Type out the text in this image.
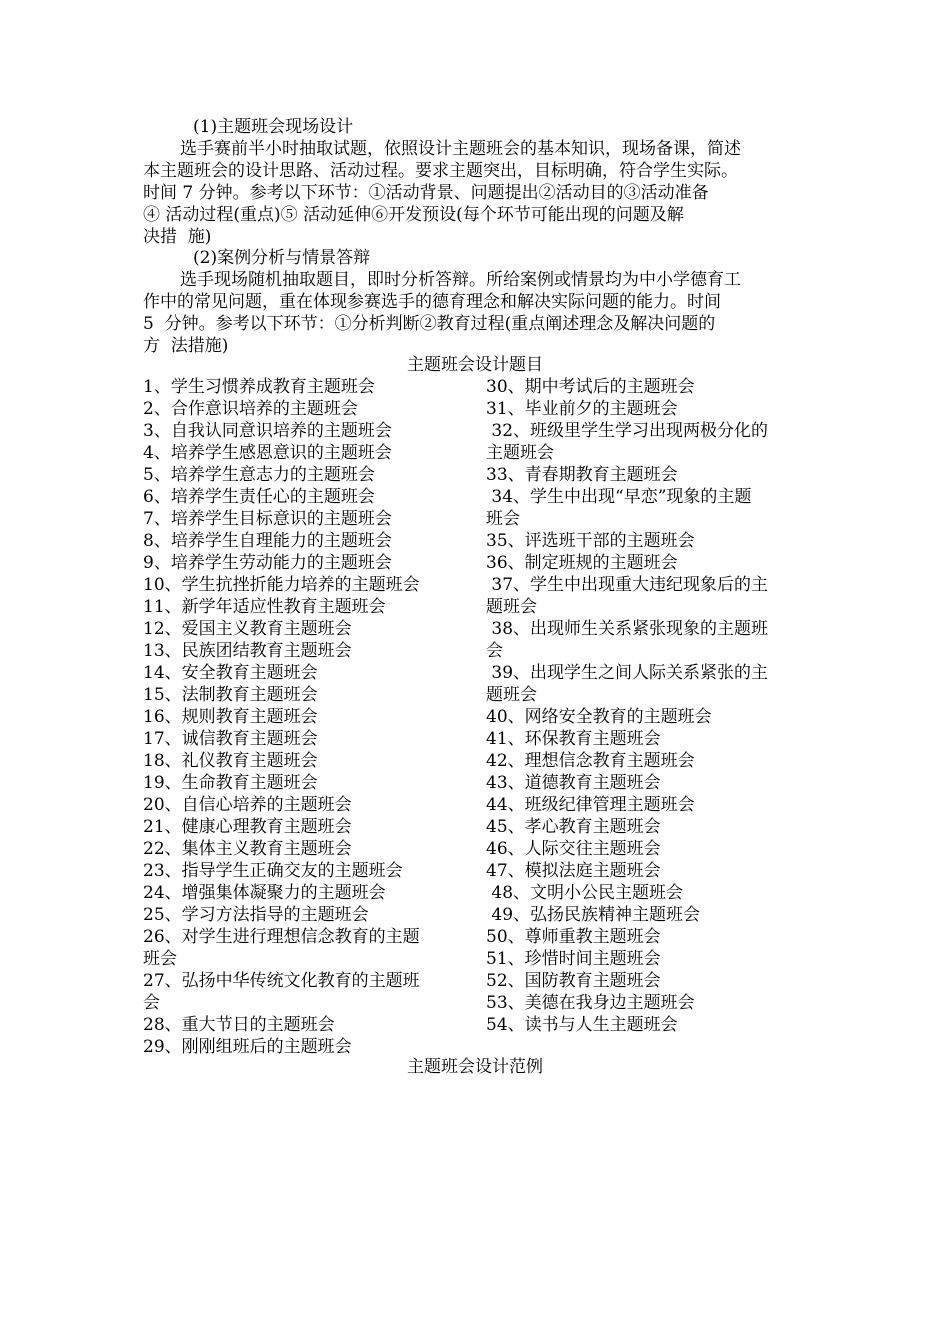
(1)主题班会现场设计
选手赛前半小时抽取试题，依照设计主题班会的基本知识，现场备课，简述
本主题班会的设计思路、活动过程。要求主题突出，目标明确，符合学生实际。
时间 7 分钟。参考以下环节：①活动背景、问题提出②活动目的③活动准备
④ 活动过程(重点)⑤ 活动延伸⑥开发预设(每个环节可能出现的问题及解
决措  施)
(2)案例分析与情景答辩
选手现场随机抽取题目，即时分析答辩。所给案例或情景均为中小学德育工
作中的常见问题，重在体现参赛选手的德育理念和解决实际问题的能力。时间
5  分钟。参考以下环节：①分析判断②教育过程(重点阐述理念及解决问题的
方  法措施)
主题班会设计题目
1、学生习惯养成教育主题班会
2、合作意识培养的主题班会
3、自我认同意识培养的主题班会
4、培养学生感恩意识的主题班会
5、培养学生意志力的主题班会
6、培养学生责任心的主题班会
7、培养学生目标意识的主题班会
8、培养学生自理能力的主题班会
9、培养学生劳动能力的主题班会
10、学生抗挫折能力培养的主题班会
11、新学年适应性教育主题班会
12、爱国主义教育主题班会
13、民族团结教育主题班会
14、安全教育主题班会
15、法制教育主题班会
16、规则教育主题班会
17、诚信教育主题班会
18、礼仪教育主题班会
19、生命教育主题班会
20、自信心培养的主题班会
21、健康心理教育主题班会
22、集体主义教育主题班会
23、指导学生正确交友的主题班会
24、增强集体凝聚力的主题班会
25、学习方法指导的主题班会
26、对学生进行理想信念教育的主题
班会
27、弘扬中华传统文化教育的主题班
会
28、重大节日的主题班会
29、刚刚组班后的主题班会
30、期中考试后的主题班会
31、毕业前夕的主题班会
32、班级里学生学习出现两极分化的
主题班会
33、青春期教育主题班会
34、学生中出现“早恋”现象的主题
班会
35、评选班干部的主题班会
36、制定班规的主题班会
37、学生中出现重大违纪现象后的主
题班会
38、出现师生关系紧张现象的主题班
会
39、出现学生之间人际关系紧张的主
题班会
40、网络安全教育的主题班会
41、环保教育主题班会
42、理想信念教育主题班会
43、道德教育主题班会
44、班级纪律管理主题班会
45、孝心教育主题班会
46、人际交往主题班会
47、模拟法庭主题班会
48、文明小公民主题班会
49、弘扬民族精神主题班会
50、尊师重教主题班会
51、珍惜时间主题班会
52、国防教育主题班会
53、美德在我身边主题班会
54、读书与人生主题班会
主题班会设计范例
